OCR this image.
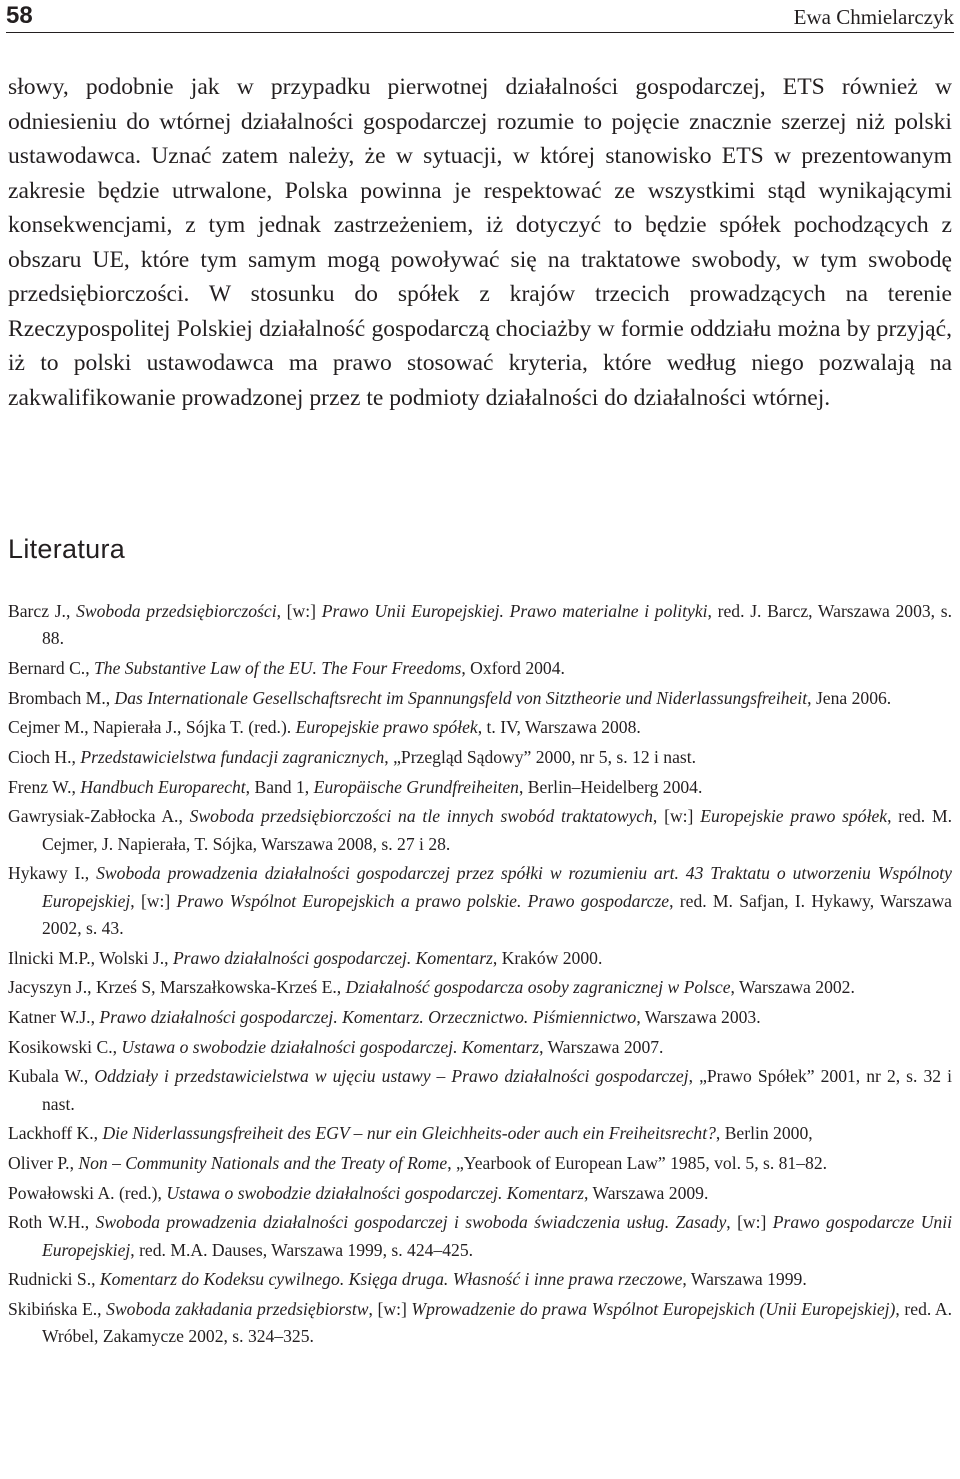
58	Ewa Chmielarczyk

słowy, podobnie jak w przypadku pierwotnej działalności gospodarczej, ETS również w odniesieniu do wtórnej działalności gospodarczej rozumie to pojęcie znacznie szerzej niż polski ustawodawca. Uznać zatem należy, że w sytuacji, w której stanowisko ETS w prezentowanym zakresie będzie utrwalone, Polska powinna je respektować ze wszystkimi stąd wynikającymi konsekwencjami, z tym jednak zastrzeżeniem, iż dotyczyć to będzie spółek pochodzących z obszaru UE, które tym samym mogą powoływać się na traktatowe swobody, w tym swobodę przedsiębiorczości. W stosunku do spółek z krajów trzecich prowadzących na terenie Rzeczypospolitej Polskiej działalność gospodarczą chociażby w formie oddziału można by przyjąć, iż to polski ustawodawca ma prawo stosować kryteria, które według niego pozwalają na zakwalifikowanie prowadzonej przez te podmioty działalności do działalności wtórnej.

Literatura
Barcz J., Swoboda przedsiębiorczości, [w:] Prawo Unii Europejskiej. Prawo materialne i polityki, red. J. Barcz, Warszawa 2003, s. 88.
Bernard C., The Substantive Law of the EU. The Four Freedoms, Oxford 2004.
Brombach M., Das Internationale Gesellschaftsrecht im Spannungsfeld von Sitztheorie und Niderlassungsfreiheit, Jena 2006.
Cejmer M., Napierała J., Sójka T. (red.). Europejskie prawo spółek, t. IV, Warszawa 2008.
Cioch H., Przedstawicielstwa fundacji zagranicznych, „Przegląd Sądowy” 2000, nr 5, s. 12 i nast.
Frenz W., Handbuch Europarecht, Band 1, Europäische Grundfreiheiten, Berlin–Heidelberg 2004.
Gawrysiak-Zabłocka A., Swoboda przedsiębiorczości na tle innych swobód traktatowych, [w:] Europejskie prawo spółek, red. M. Cejmer, J. Napierała, T. Sójka, Warszawa 2008, s. 27 i 28.
Hykawy I., Swoboda prowadzenia działalności gospodarczej przez spółki w rozumieniu art. 43 Traktatu o utworzeniu Wspólnoty Europejskiej, [w:] Prawo Wspólnot Europejskich a prawo polskie. Prawo gospodarcze, red. M. Safjan, I. Hykawy, Warszawa 2002, s. 43.
Ilnicki M.P., Wolski J., Prawo działalności gospodarczej. Komentarz, Kraków 2000.
Jacyszyn J., Krześ S, Marszałkowska-Krześ E., Działalność gospodarcza osoby zagranicznej w Polsce, Warszawa 2002.
Katner W.J., Prawo działalności gospodarczej. Komentarz. Orzecznictwo. Piśmiennictwo, Warszawa 2003.
Kosikowski C., Ustawa o swobodzie działalności gospodarczej. Komentarz, Warszawa 2007.
Kubala W., Oddziały i przedstawicielstwa w ujęciu ustawy – Prawo działalności gospodarczej, „Prawo Spółek” 2001, nr 2, s. 32 i nast.
Lackhoff K., Die Niderlassungsfreiheit des EGV – nur ein Gleichheits-oder auch ein Freiheitsrecht?, Berlin 2000,
Oliver P., Non – Community Nationals and the Treaty of Rome, „Yearbook of European Law” 1985, vol. 5, s. 81–82.
Powałowski A. (red.), Ustawa o swobodzie działalności gospodarczej. Komentarz, Warszawa 2009.
Roth W.H., Swoboda prowadzenia działalności gospodarczej i swoboda świadczenia usług. Zasady, [w:] Prawo gospodarcze Unii Europejskiej, red. M.A. Dauses, Warszawa 1999, s. 424–425.
Rudnicki S., Komentarz do Kodeksu cywilnego. Księga druga. Własność i inne prawa rzeczowe, Warszawa 1999.
Skibińska E., Swoboda zakładania przedsiębiorstw, [w:] Wprowadzenie do prawa Wspólnot Europejskich (Unii Europejskiej), red. A. Wróbel, Zakamycze 2002, s. 324–325.
